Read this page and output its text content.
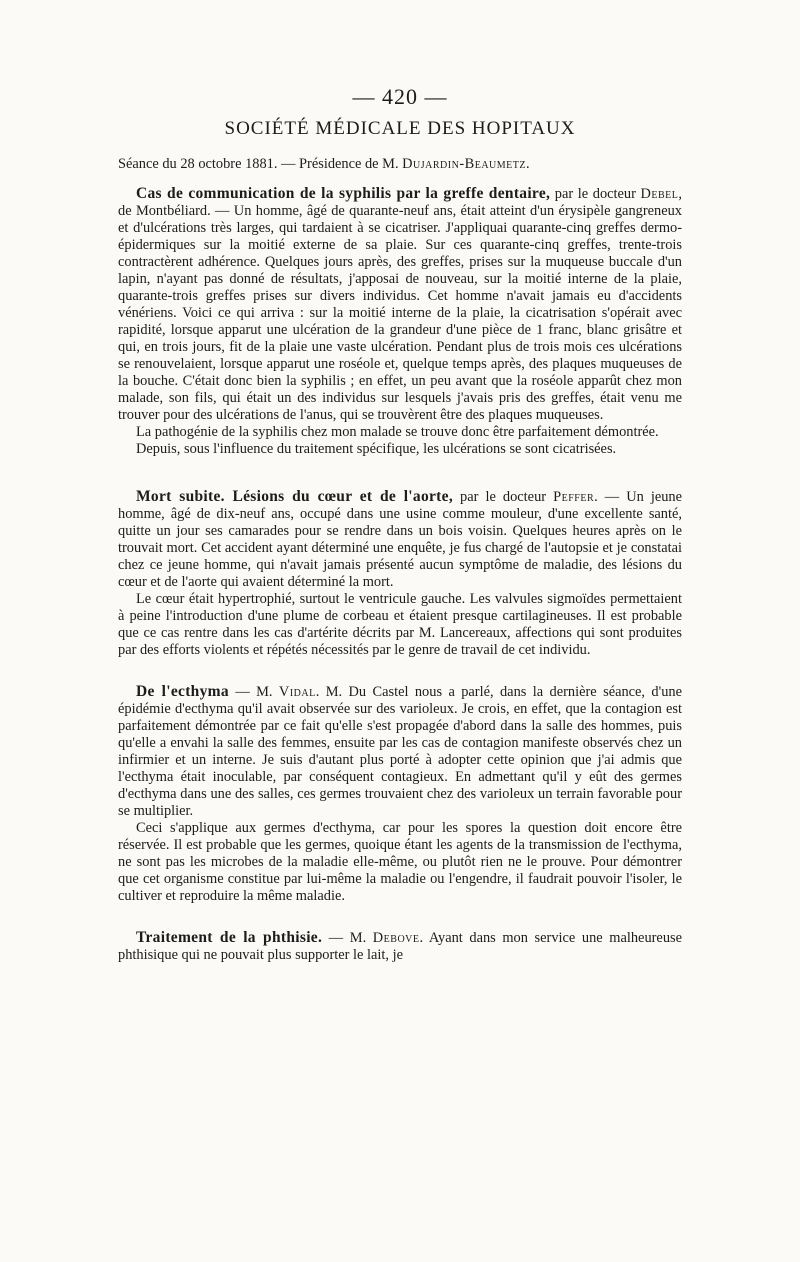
— 420 —
SOCIÉTÉ MÉDICALE DES HOPITAUX

Séance du 28 octobre 1881. — Présidence de M. Dujardin-Beaumetz.

Cas de communication de la syphilis par la greffe dentaire, par le docteur Debel, de Montbéliard. — Un homme, âgé de quarante-neuf ans, était atteint d'un érysipèle gangreneux et d'ulcérations très larges, qui tardaient à se cicatriser. J'appliquai quarante-cinq greffes dermo-épidermiques sur la moitié externe de sa plaie. Sur ces quarante-cinq greffes, trente-trois contractèrent adhérence. Quelques jours après, des greffes, prises sur la muqueuse buccale d'un lapin, n'ayant pas donné de résultats, j'apposai de nouveau, sur la moitié interne de la plaie, quarante-trois greffes prises sur divers individus. Cet homme n'avait jamais eu d'accidents vénériens. Voici ce qui arriva : sur la moitié interne de la plaie, la cicatrisation s'opérait avec rapidité, lorsque apparut une ulcération de la grandeur d'une pièce de 1 franc, blanc grisâtre et qui, en trois jours, fit de la plaie une vaste ulcération. Pendant plus de trois mois ces ulcérations se renouvelaient, lorsque apparut une roséole et, quelque temps après, des plaques muqueuses de la bouche. C'était donc bien la syphilis ; en effet, un peu avant que la roséole apparût chez mon malade, son fils, qui était un des individus sur lesquels j'avais pris des greffes, était venu me trouver pour des ulcérations de l'anus, qui se trouvèrent être des plaques muqueuses.

La pathogénie de la syphilis chez mon malade se trouve donc être parfaitement démontrée.

Depuis, sous l'influence du traitement spécifique, les ulcérations se sont cicatrisées.

Mort subite. Lésions du cœur et de l'aorte, par le docteur Peffer. — Un jeune homme, âgé de dix-neuf ans, occupé dans une usine comme mouleur, d'une excellente santé, quitte un jour ses camarades pour se rendre dans un bois voisin. Quelques heures après on le trouvait mort. Cet accident ayant déterminé une enquête, je fus chargé de l'autopsie et je constatai chez ce jeune homme, qui n'avait jamais présenté aucun symptôme de maladie, des lésions du cœur et de l'aorte qui avaient déterminé la mort.

Le cœur était hypertrophié, surtout le ventricule gauche. Les valvules sigmoïdes permettaient à peine l'introduction d'une plume de corbeau et étaient presque cartilagineuses. Il est probable que ce cas rentre dans les cas d'artérite décrits par M. Lancereaux, affections qui sont produites par des efforts violents et répétés nécessités par le genre de travail de cet individu.

De l'ecthyma — M. Vidal. M. Du Castel nous a parlé, dans la dernière séance, d'une épidémie d'ecthyma qu'il avait observée sur des varioleux. Je crois, en effet, que la contagion est parfaitement démontrée par ce fait qu'elle s'est propagée d'abord dans la salle des hommes, puis qu'elle a envahi la salle des femmes, ensuite par les cas de contagion manifeste observés chez un infirmier et un interne. Je suis d'autant plus porté à adopter cette opinion que j'ai admis que l'ecthyma était inoculable, par conséquent contagieux. En admettant qu'il y eût des germes d'ecthyma dans une des salles, ces germes trouvaient chez des varioleux un terrain favorable pour se multiplier.

Ceci s'applique aux germes d'ecthyma, car pour les spores la question doit encore être réservée. Il est probable que les germes, quoique étant les agents de la transmission de l'ecthyma, ne sont pas les microbes de la maladie elle-même, ou plutôt rien ne le prouve. Pour démontrer que cet organisme constitue par lui-même la maladie ou l'engendre, il faudrait pouvoir l'isoler, le cultiver et reproduire la même maladie.

Traitement de la phthisie. — M. Debove. Ayant dans mon service une malheureuse phthisique qui ne pouvait plus supporter le lait, je
